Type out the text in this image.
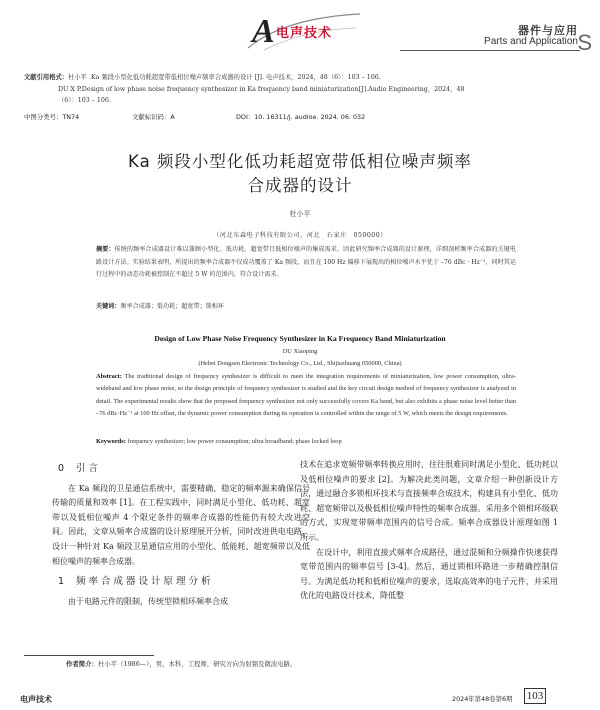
A 电声技术	器件与应用
Parts and Application S
文献引用格式：杜小平 .Ka 频段小型化低功耗超宽带低相位噪声频率合成器的设计 [J]. 电声技术，2024，48（6）：103 – 106.
DU X P.Design of low phase noise frequency synthesizer in Ka frequency band miniaturization[J].Audio Engineering，2024，48
（6）：103 – 106.
中图分类号：TN74	文献标识码：A	DOI：10. 16311/j. audioe. 2024. 06. 032
Ka 频段小型化低功耗超宽带低相位噪声频率
合成器的设计
杜小平
（河北东森电子科技有限公司，河北　石家庄　050000）
摘要：传统的频率合成器设计难以兼顾小型化、低功耗、超宽带且低相位噪声的集成需求，因此研究频率合成器的设计原理，详细剖析频率合成器的关键电路设计方法。实验结果表明，所提出的频率合成器不仅成功覆盖了 Ka 频段，而且在 100 Hz 偏移下展现出的相位噪声水平优于 –76 dBc · Hz⁻¹，同时其运行过程中的动态功耗被控制在不超过 5 W 的范围内，符合设计需求。
关键词：频率合成器；低功耗；超宽带；锁相环
Design of Low Phase Noise Frequency Synthesizer in Ka Frequency Band Miniaturization
DU Xiaoping
(Hebei Dongsen Electronic Technology Co., Ltd., Shijiazhuang 050000, China)
Abstract: The traditional design of frequency synthesizer is difficult to meet the integration requirements of miniaturization, low power consumption, ultra-wideband and low phase noise, so the design principle of frequency synthesizer is studied and the key circuit design method of frequency synthesizer is analyzed in detail. The experimental results show that the proposed frequency synthesizer not only successfully covers Ka band, but also exhibits a phase noise level better than –76 dBc·Hz⁻¹ at 100 Hz offset, the dynamic power consumption during its operation is controlled within the range of 5 W, which meets the design requirements.
Keywords: frequency synthesizer; low power consumption; ultra broadband; phase locked loop
0 引言

在 Ka 频段的卫星通信系统中，需要精确、稳定的频率源来确保信号传输的质量和效率 [1]。在工程实践中，同时满足小型化、低功耗、超宽带以及低相位噪声 4 个限定条件的频率合成器的性能仍有较大改进空间。因此，文章从频率合成器的设计原理展开分析，同时改进供电电路，设计一种针对 Ka 频段卫星通信应用的小型化、低能耗、超宽频带以及低相位噪声的频率合成器。

1 频率合成器设计原理分析

由于电路元件的限制，传统型锁相环频率合成

技术在追求宽频带频率转换应用时，往往很难同时满足小型化、低功耗以及低相位噪声的要求 [2]。为解决此类问题，文章介绍一种创新设计方法，通过融合多锁相环技术与直接频率合成技术，构建具有小型化、低功耗、超宽频带以及极低相位噪声特性的频率合成器。采用多个锁相环级联的方式，实现宽带频率范围内的信号合成。频率合成器设计原理如图 1 所示。

在设计中，利用直接式频率合成路径，通过混频和分频操作快速获得宽带范围内的频率信号 [3-4]。然后，通过锁相环路进一步精确控制信号。为满足低功耗和低相位噪声的要求，选取高效率的电子元件，并采用优化的电路设计技术，降低整

作者简介：杜小平（1986—），男，本科，工程师，研究方向为射频及微波电路。
电声技术	2024年第48卷第6期 103
